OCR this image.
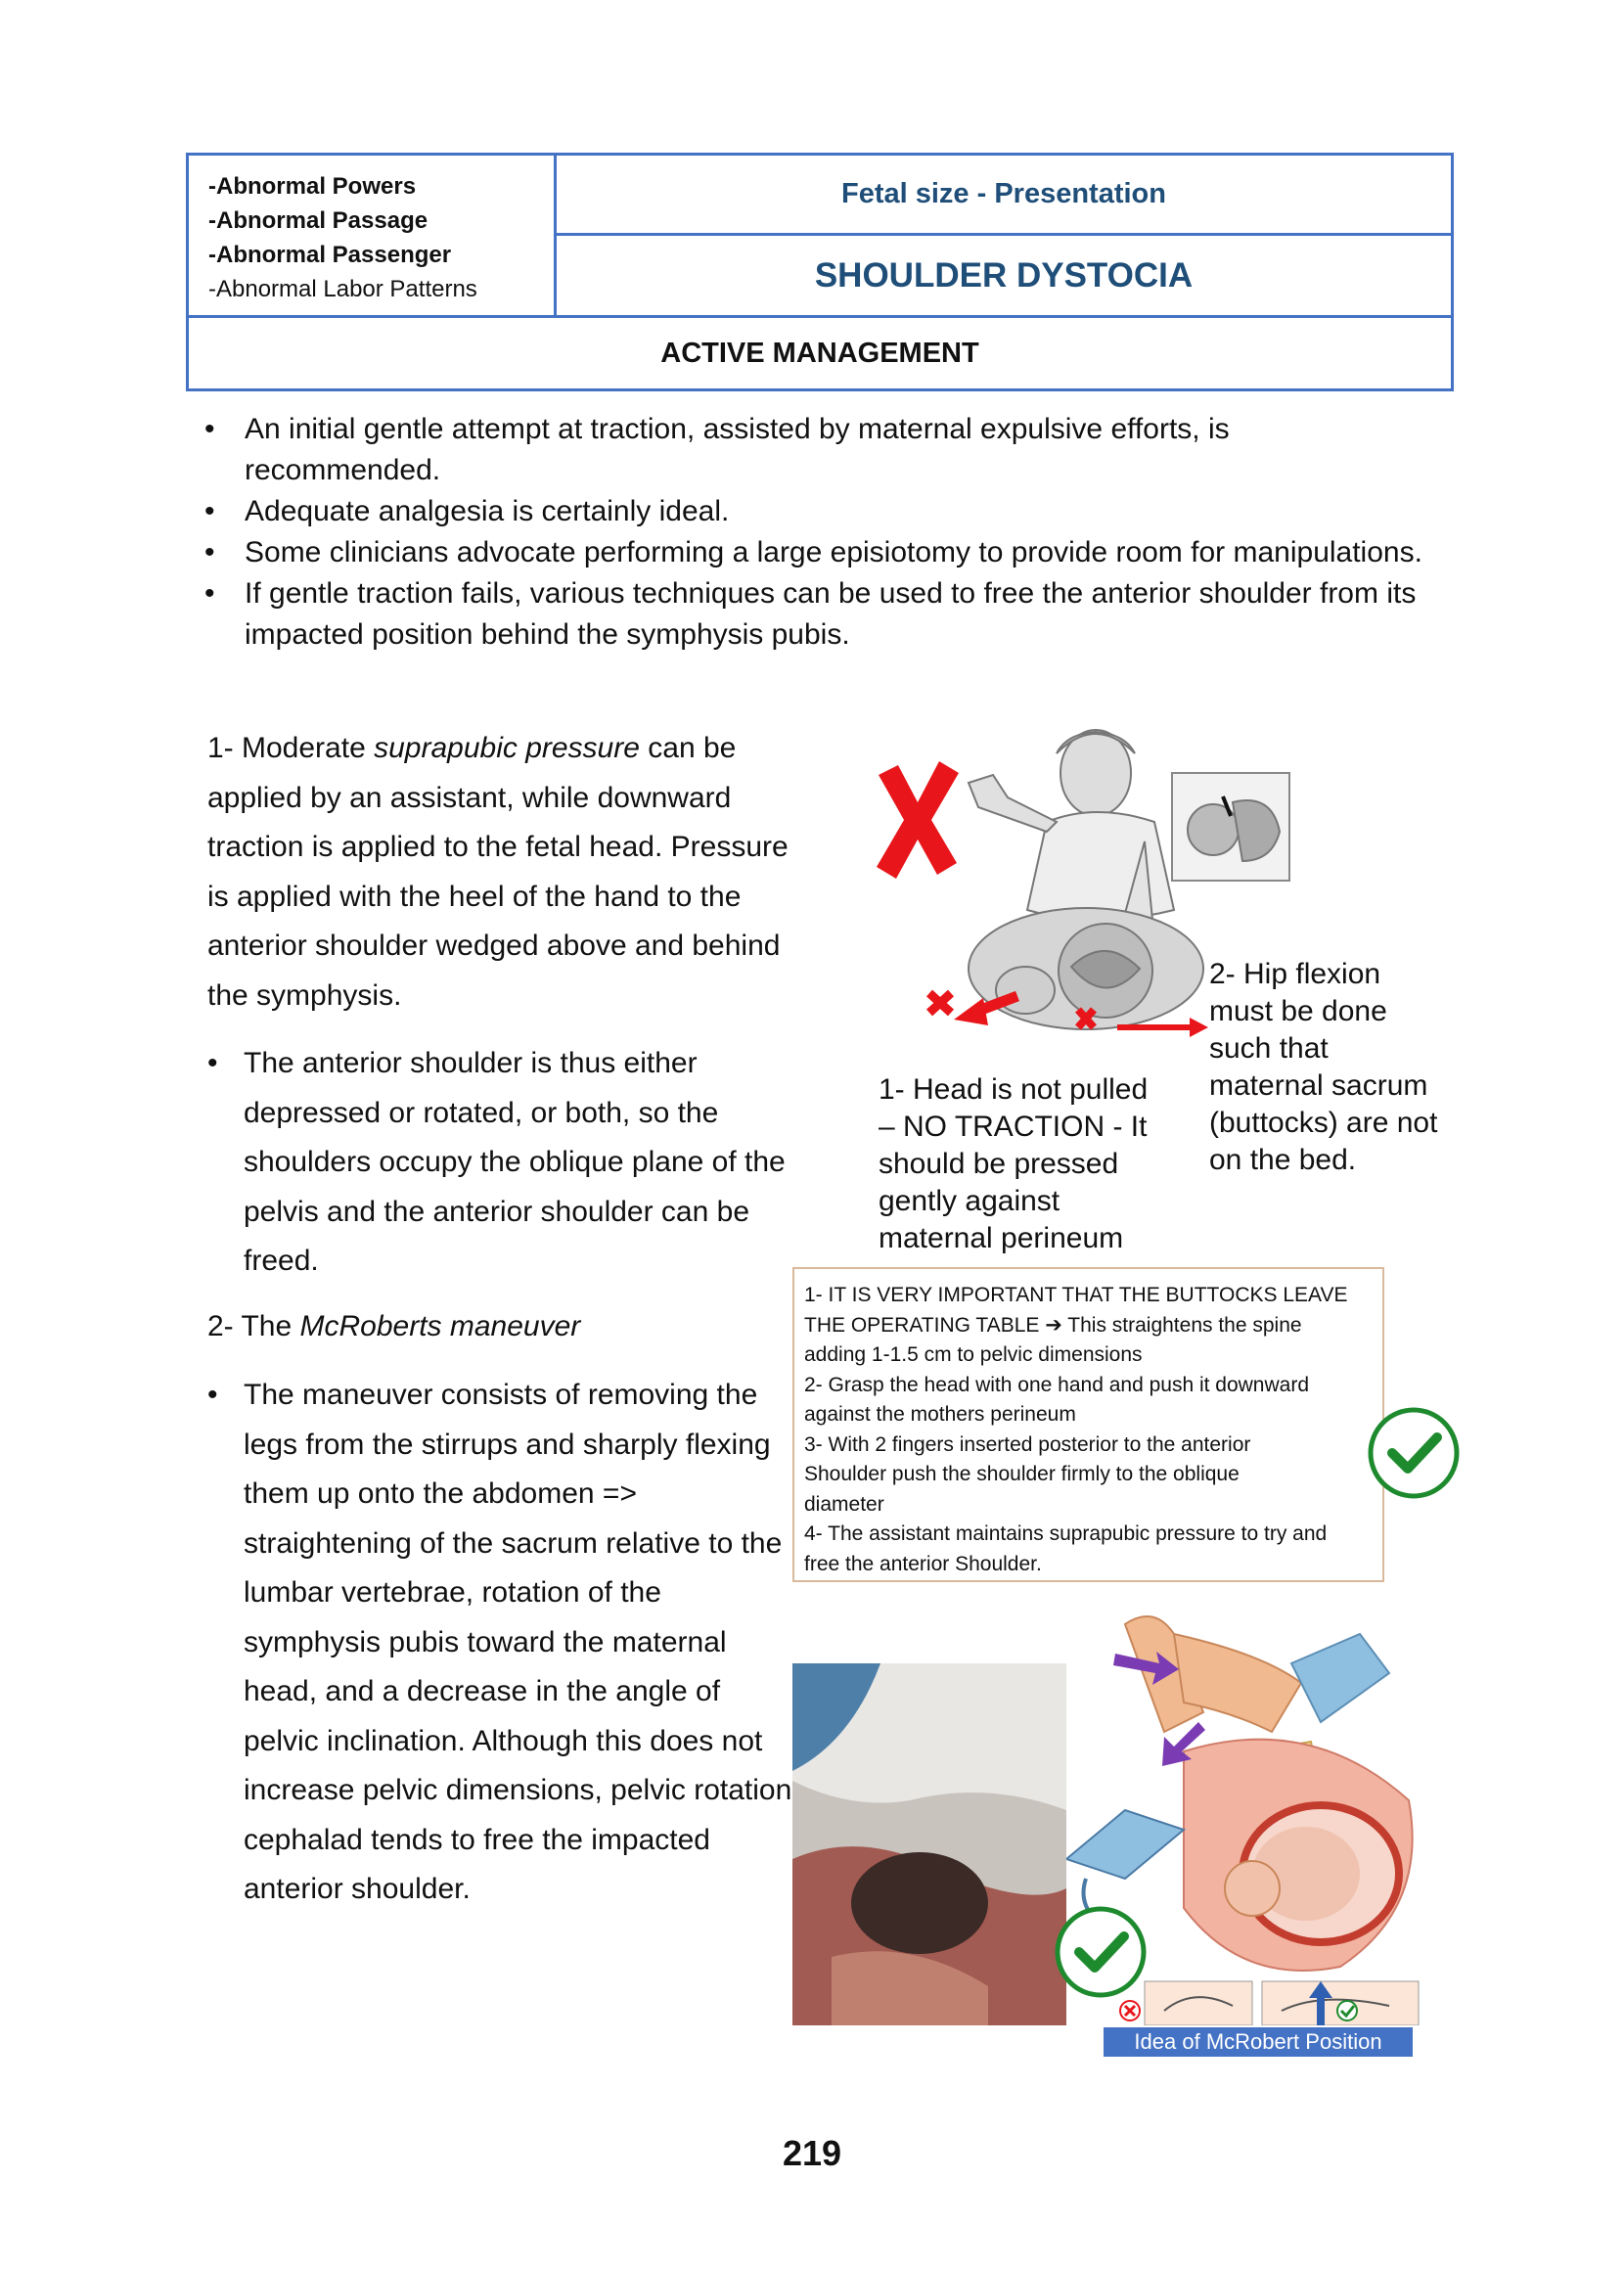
-Abnormal Powers
-Abnormal Passage
-Abnormal Passenger
-Abnormal Labor Patterns
Fetal size - Presentation
SHOULDER DYSTOCIA
ACTIVE MANAGEMENT
• An initial gentle attempt at traction, assisted by maternal expulsive efforts, is recommended.
• Adequate analgesia is certainly ideal.
• Some clinicians advocate performing a large episiotomy to provide room for manipulations.
• If gentle traction fails, various techniques can be used to free the anterior shoulder from its impacted position behind the symphysis pubis.

1- Moderate suprapubic pressure can be applied by an assistant, while downward traction is applied to the fetal head. Pressure is applied with the heel of the hand to the anterior shoulder wedged above and behind the symphysis.

• The anterior shoulder is thus either depressed or rotated, or both, so the shoulders occupy the oblique plane of the pelvis and the anterior shoulder can be freed.

2- The McRoberts maneuver

• The maneuver consists of removing the legs from the stirrups and sharply flexing them up onto the abdomen => straightening of the sacrum relative to the lumbar vertebrae, rotation of the symphysis pubis toward the maternal head, and a decrease in the angle of pelvic inclination. Although this does not increase pelvic dimensions, pelvic rotation cephalad tends to free the impacted anterior shoulder.

1- Head is not pulled
– NO TRACTION - It
should be pressed
gently against
maternal perineum
2- Hip flexion
must be done
such that
maternal sacrum
(buttocks) are not
on the bed.
1- IT IS VERY IMPORTANT THAT THE BUTTOCKS LEAVE
THE OPERATING TABLE ➔ This straightens the spine
adding 1-1.5 cm to pelvic dimensions
2- Grasp the head with one hand and push it downward
against the mothers perineum
3- With 2 fingers inserted posterior to the anterior
Shoulder push the shoulder firmly to the oblique
diameter
4- The assistant maintains suprapubic pressure to try and
free the anterior Shoulder.
Idea of McRobert Position
219
